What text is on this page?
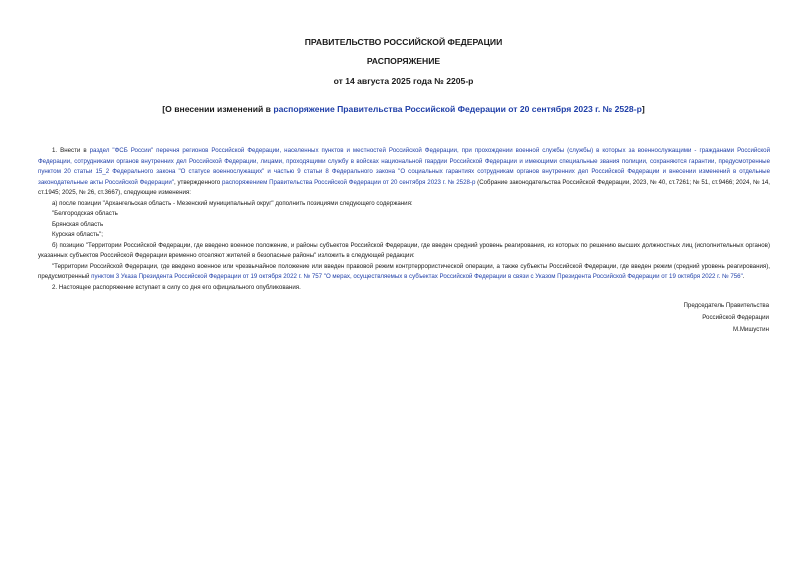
ПРАВИТЕЛЬСТВО РОССИЙСКОЙ ФЕДЕРАЦИИ
РАСПОРЯЖЕНИЕ
от 14 августа 2025 года № 2205-р
[О внесении изменений в распоряжение Правительства Российской Федерации от 20 сентября 2023 г. № 2528-р]

1. Внести в раздел "ФСБ России" перечня регионов Российской Федерации, населенных пунктов и местностей Российской Федерации, при прохождении военной службы (службы) в которых за военнослужащими - гражданами Российской Федерации, сотрудниками органов внутренних дел Российской Федерации, лицами, проходящими службу в войсках национальной гвардии Российской Федерации и имеющими специальные звания полиции, сохраняются гарантии, предусмотренные пунктом 20 статьи 15_2 Федерального закона "О статусе военнослужащих" и частью 9 статьи 8 Федерального закона "О социальных гарантиях сотрудникам органов внутренних дел Российской Федерации и внесении изменений в отдельные законодательные акты Российской Федерации", утвержденного распоряжением Правительства Российской Федерации от 20 сентября 2023 г. № 2528-р (Собрание законодательства Российской Федерации, 2023, № 40, ст.7261; № 51, ст.9466; 2024, № 14, ст.1945; 2025, № 26, ст.3667), следующие изменения:

а) после позиции "Архангельская область - Мезенский муниципальный округ" дополнить позициями следующего содержания:

"Белгородская область

Брянская область

Курская область";

б) позицию "Территории Российской Федерации, где введено военное положение, и районы субъектов Российской Федерации, где введен средний уровень реагирования, из которых по решению высших должностных лиц (исполнительных органов) указанных субъектов Российской Федерации временно отселяют жителей в безопасные районы" изложить в следующей редакции:

"Территории Российской Федерации, где введено военное или чрезвычайное положение или введен правовой режим контртеррористической операции, а также субъекты Российской Федерации, где введен режим (средний уровень реагирования), предусмотренный пунктом 3 Указа Президента Российской Федерации от 19 октября 2022 г. № 757 "О мерах, осуществляемых в субъектах Российской Федерации в связи с Указом Президента Российской Федерации от 19 октября 2022 г. № 756".

2. Настоящее распоряжение вступает в силу со дня его официального опубликования.

Председатель Правительства
Российской Федерации
М.Мишустин
